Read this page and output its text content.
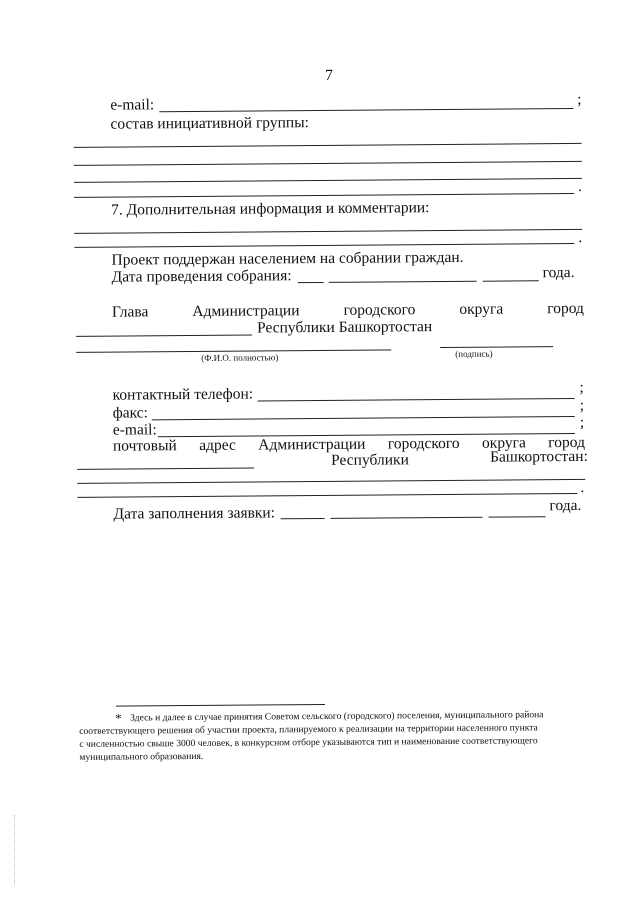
7
e-mail:	;
состав инициативной группы:
.
7. Дополнительная информация и комментарии:
.
Проект поддержан населением на собрании граждан.
Дата проведения собрания:	года.
Глава	Администрации	городского	округа	город
Республики Башкортостан
(Ф.И.О. полностью)	(подпись)
контактный телефон:	;
факс:	;
e-mail:	;
почтовый адрес Администрации городского округа город
Республики	Башкортостан:
.
Дата заполнения заявки:	года.
* Здесь и далее в случае принятия Советом сельского (городского) поселения, муниципального района
соответствующего решения об участии проекта, планируемого к реализации на территории населенного пункта
с численностью свыше 3000 человек, в конкурсном отборе указываются тип и наименование соответствующего
муниципального образования.
